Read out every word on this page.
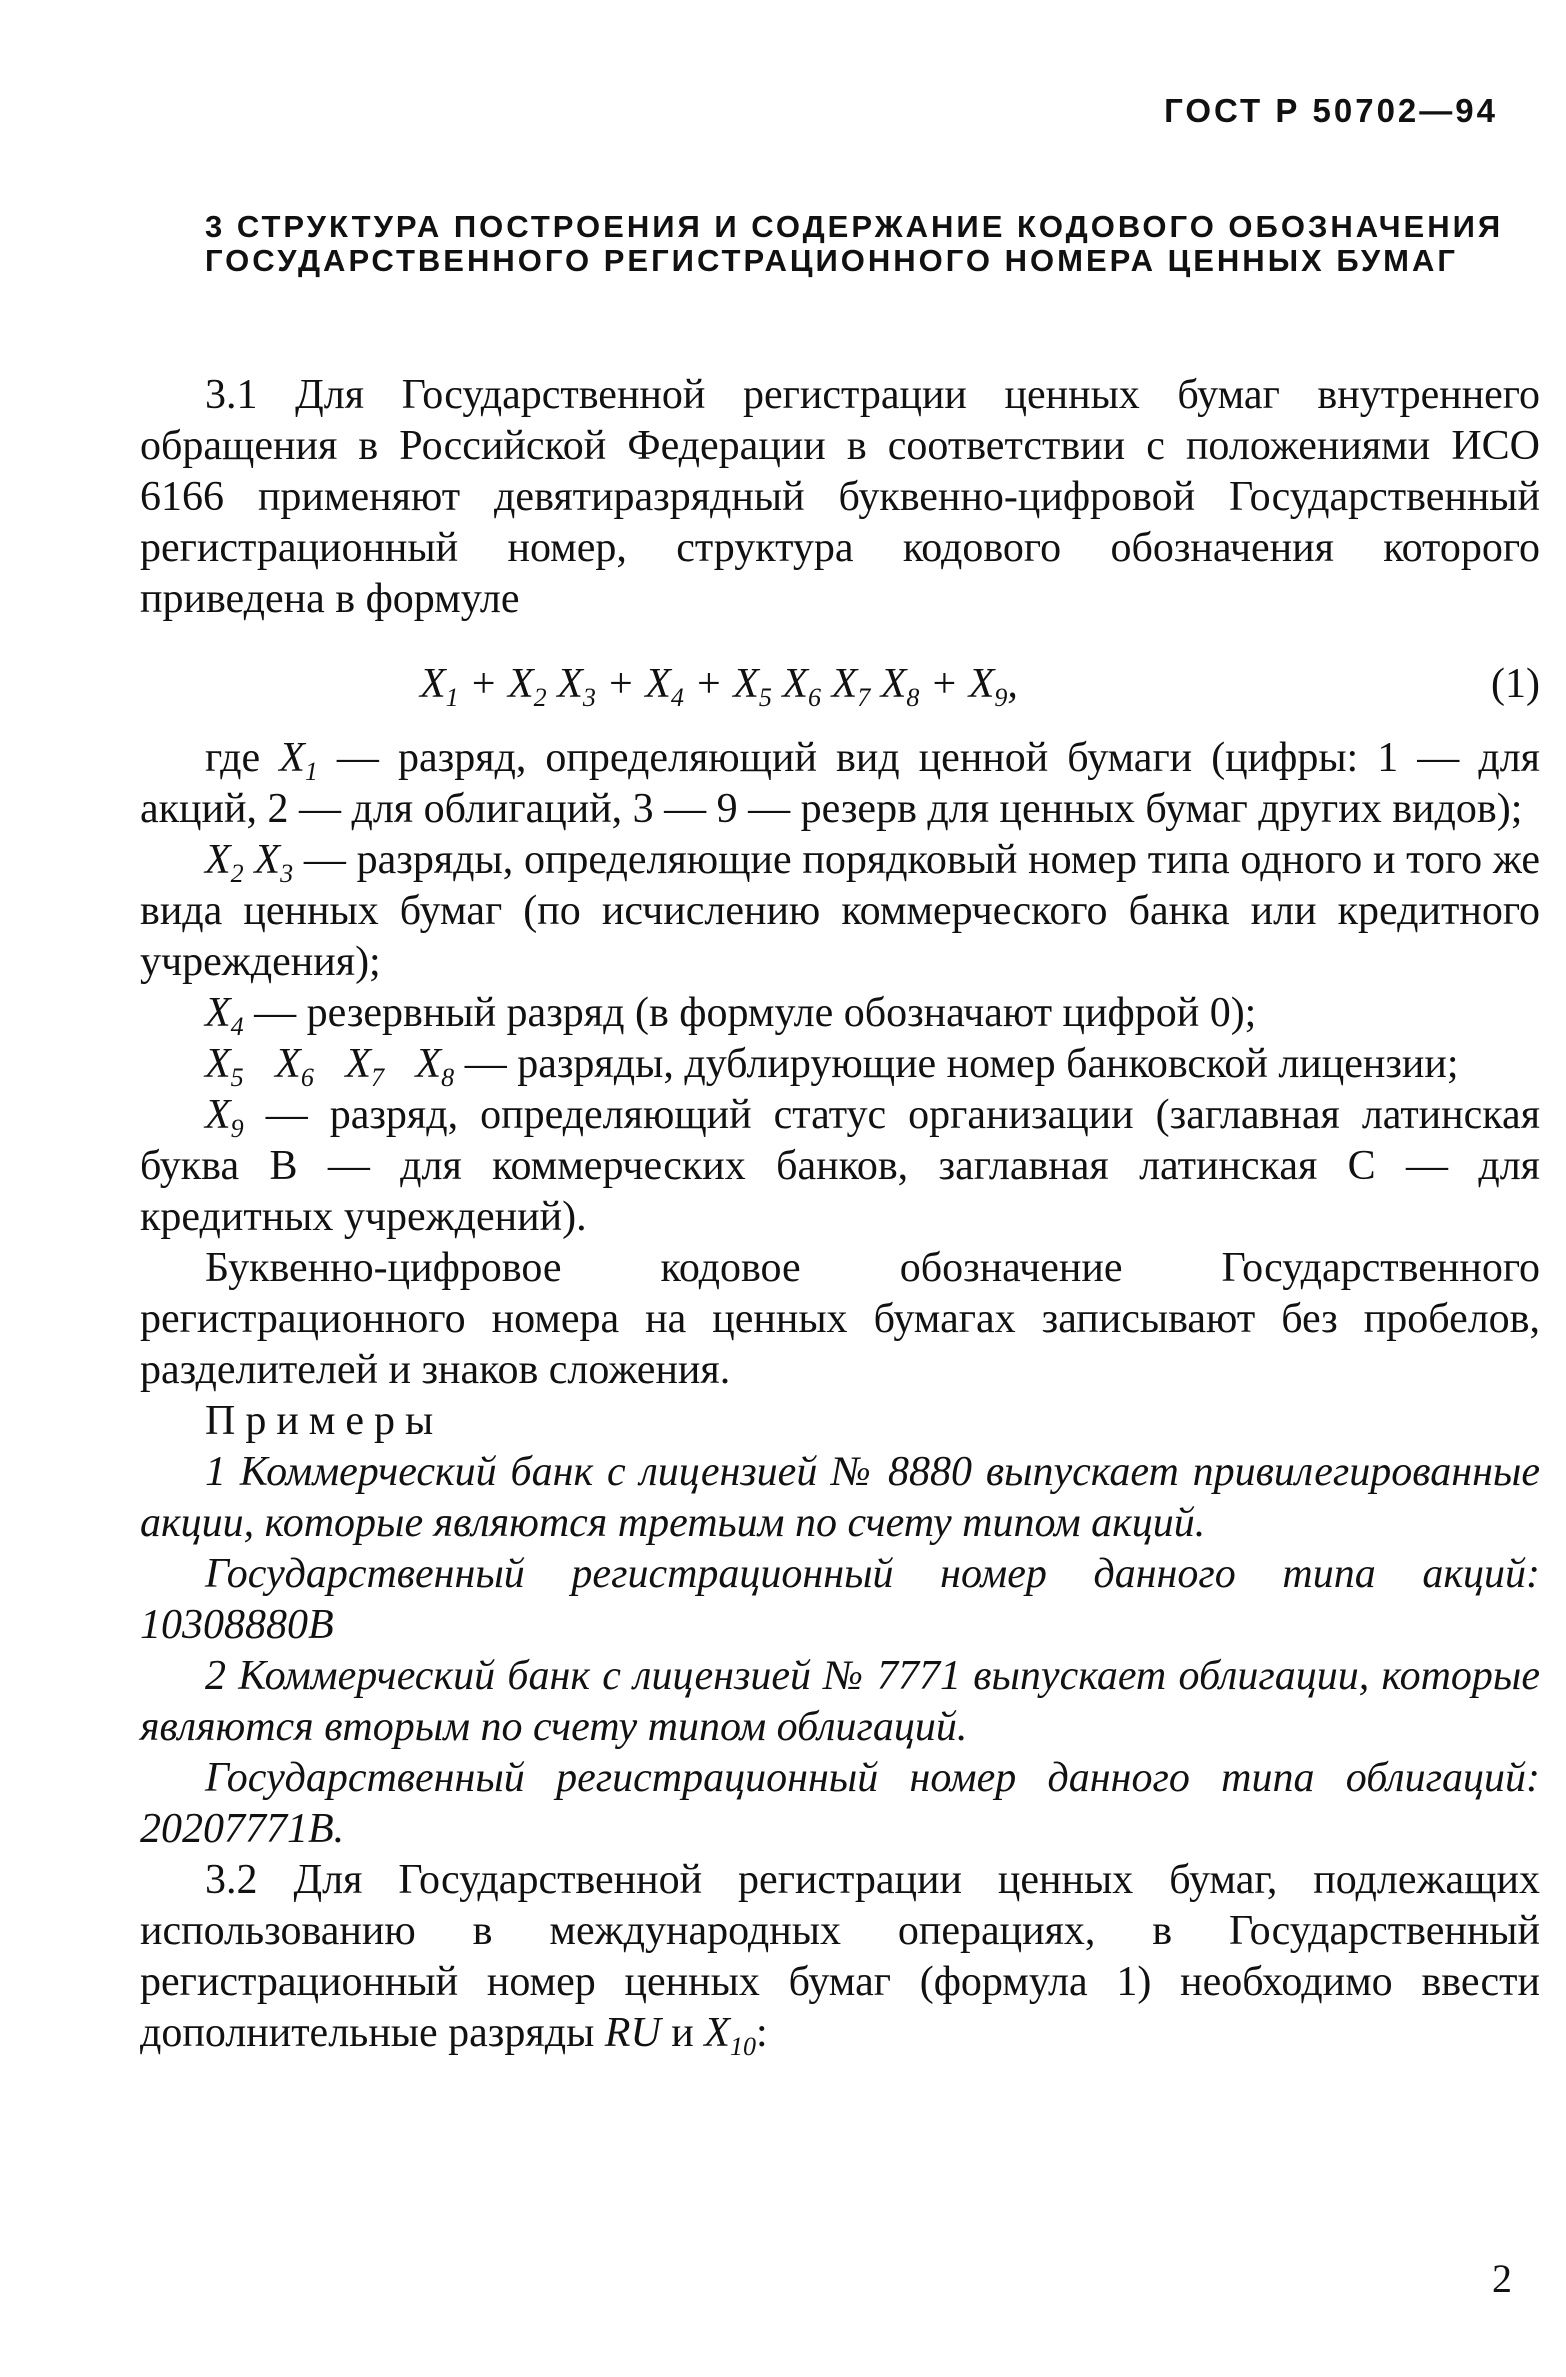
ГОСТ Р 50702—94
3 СТРУКТУРА ПОСТРОЕНИЯ И СОДЕРЖАНИЕ КОДОВОГО ОБОЗНАЧЕНИЯ ГОСУДАРСТВЕННОГО РЕГИСТРАЦИОННОГО НОМЕРА ЦЕННЫХ БУМАГ

3.1 Для Государственной регистрации ценных бумаг внутреннего обращения в Российской Федерации в соответствии с положениями ИСО 6166 применяют девятиразрядный буквенно-цифровой Государственный регистрационный номер, структура кодового обозначения которого приведена в формуле

$X_1 + X_2$ $X_3 + X_4 + X_5$ $X_6$ $X_7$ $X_8 + X_9$,	(1)

где $X_1$ — разряд, определяющий вид ценной бумаги (цифры: 1 — для акций, 2 — для облигаций, 3 — 9 — резерв для ценных бумаг других видов);

$X_2$ $X_3$ — разряды, определяющие порядковый номер типа одного и того же вида ценных бумаг (по исчислению коммерческого банка или кредитного учреждения);

$X_4$ — резервный разряд (в формуле обозначают цифрой 0);

$X_5$   $X_6$   $X_7$   $X_8$ — разряды, дублирующие номер банковской лицензии;

$X_9$ — разряд, определяющий статус организации (заглавная латинская буква B — для коммерческих банков, заглавная латинская C — для кредитных учреждений).

Буквенно-цифровое кодовое обозначение Государственного регистрационного номера на ценных бумагах записывают без пробелов, разделителей и знаков сложения.

Примеры

1 Коммерческий банк с лицензией № 8880 выпускает привилегированные акции, которые являются третьим по счету типом акций.

Государственный регистрационный номер данного типа акций: 10308880B

2 Коммерческий банк с лицензией № 7771 выпускает облигации, которые являются вторым по счету типом облигаций.

Государственный регистрационный номер данного типа облигаций: 20207771B.

3.2 Для Государственной регистрации ценных бумаг, подлежащих использованию в международных операциях, в Государственный регистрационный номер ценных бумаг (формула 1) необходимо ввести дополнительные разряды RU и $X_{10}$:

2
